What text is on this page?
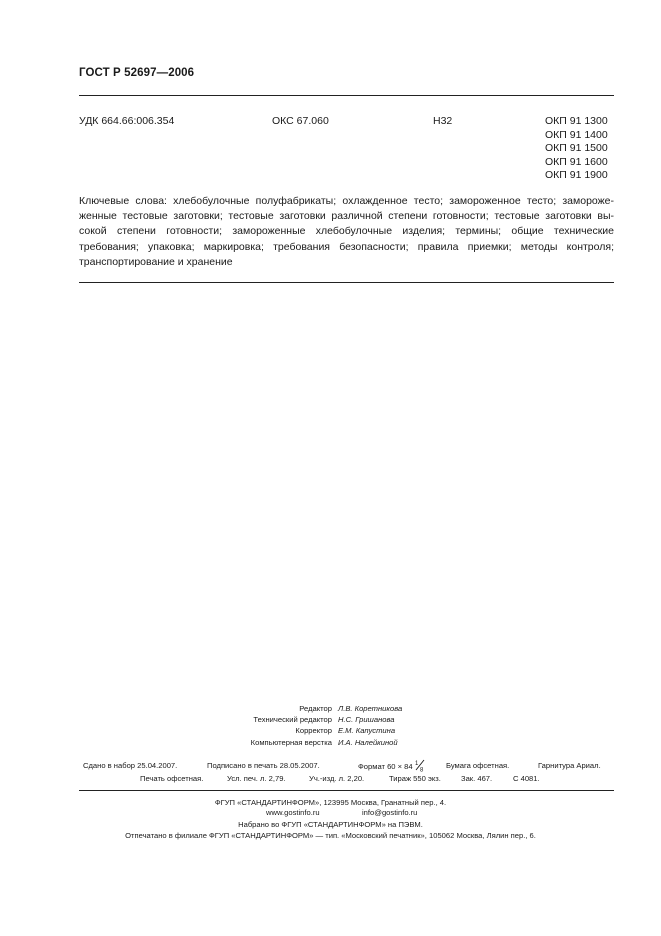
ГОСТ Р 52697—2006
УДК 664.66:006.354	ОКС 67.060	Н32	ОКП 91 1300
ОКП 91 1400
ОКП 91 1500
ОКП 91 1600
ОКП 91 1900
Ключевые слова: хлебобулочные полуфабрикаты; охлажденное тесто; замороженное тесто; замороже-
женные тестовые заготовки; тестовые заготовки различной степени готовности; тестовые заготовки вы-
сокой степени готовности; замороженные хлебобулочные изделия; термины; общие технические
требования; упаковка; маркировка; требования безопасности; правила приемки; методы контроля;
транспортирование и хранение
Редактор Л.В. Коретникова
Технический редактор Н.С. Гришанова
Корректор Е.М. Капустина
Компьютерная верстка И.А. Налейкиной
Сдано в набор 25.04.2007.	Подписано в печать 28.05.2007.	Формат 60 × 84 1
8
Бумага офсетная.	Гарнитура Ариал.
Печать офсетная.	Усл. печ. л. 2,79.	Уч.-изд. л. 2,20.	Тираж 550 экз.	Зак. 467.	С 4081.
ФГУП «СТАНДАРТИНФОРМ», 123995 Москва, Гранатный пер., 4.
www.gostinfo.ru	info@gostinfo.ru
Набрано во ФГУП «СТАНДАРТИНФОРМ» на ПЭВМ.
Отпечатано в филиале ФГУП «СТАНДАРТИНФОРМ» — тип. «Московский печатник», 105062 Москва, Лялин пер., 6.
